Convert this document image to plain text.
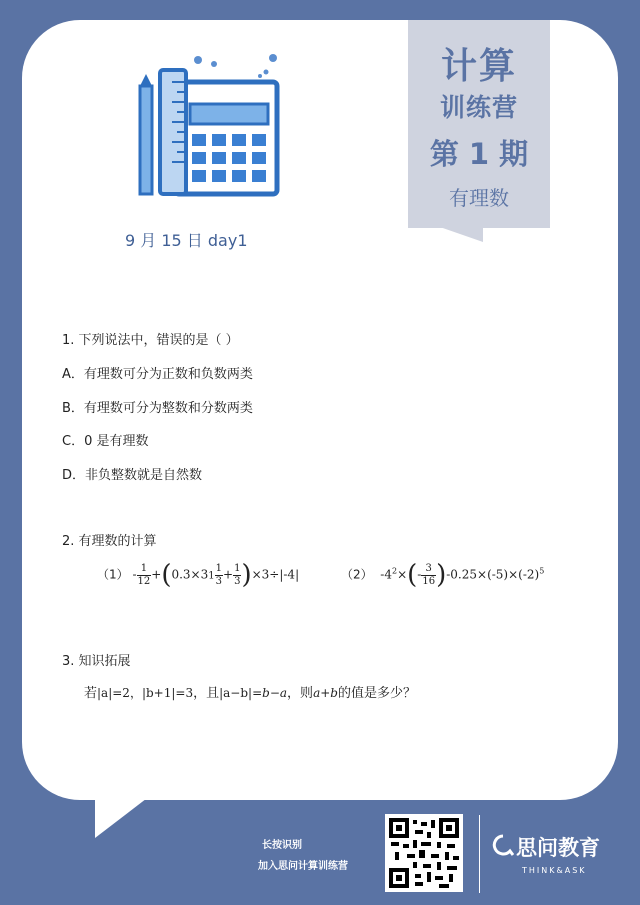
计算
训练营
第 1 期
有理数
9 月 15 日 day1
1. 下列说法中，错误的是（ ）
A．有理数可分为正数和负数两类
B．有理数可分为整数和分数两类
C．0 是有理数
D．非负整数就是自然数
2. 有理数的计算
$(1) - \frac{1}{12} +(0.3\times 31 \frac{1}{3} + \frac{1}{3} )\times 3\div|-4|$	（2）  $-4^2\times(- \frac{3}{16} )-0.25\times(-5)\times(-2)^5$
3. 知识拓展
若|a|=2，|b+1|=3，且|a−b|=b−a，则a+b的值是多少？
长按识别
加入思问计算训练营
思问教育
THINK&ASK
